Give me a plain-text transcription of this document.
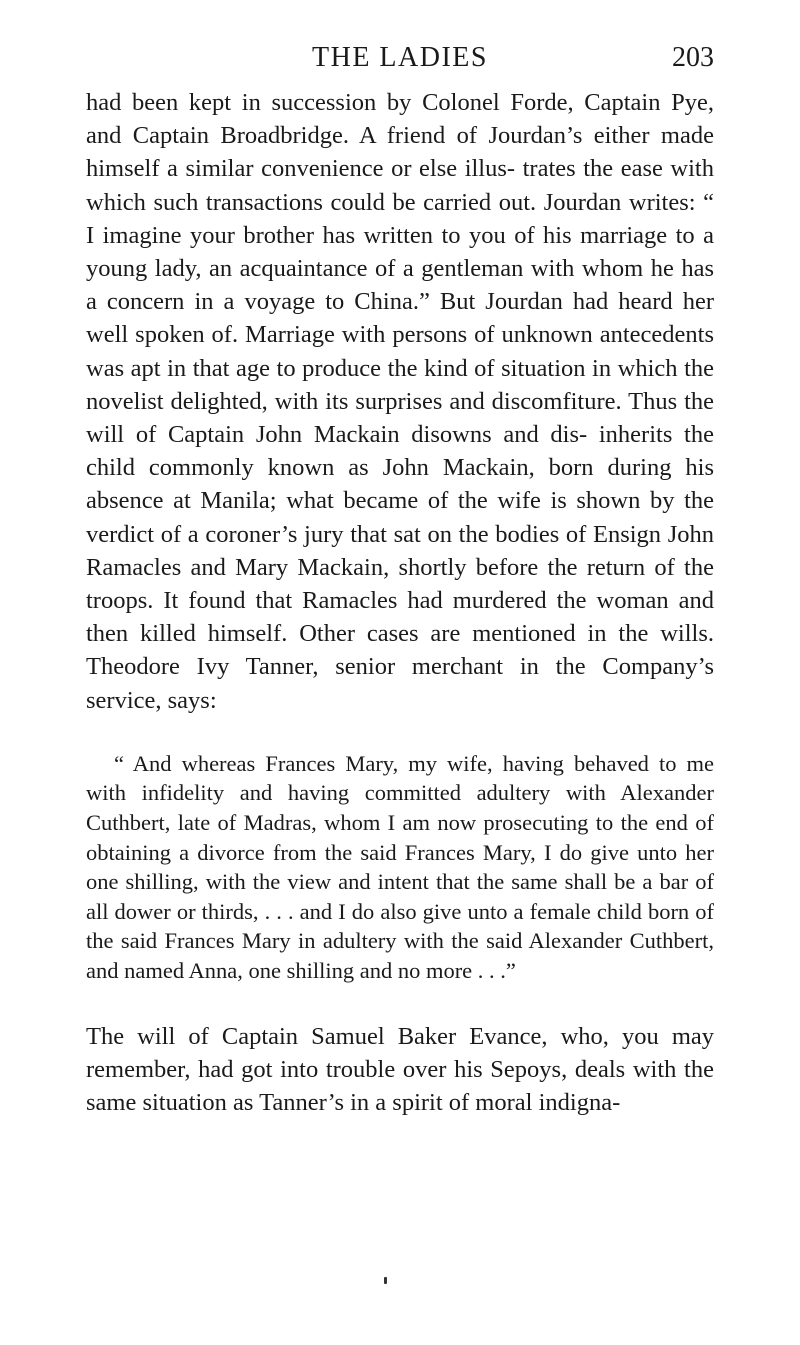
THE LADIES	203

had been kept in succession by Colonel Forde, Captain Pye, and Captain Broadbridge. A friend of Jourdan’s either made himself a similar convenience or else illus- trates the ease with which such transactions could be carried out. Jourdan writes: “ I imagine your brother has written to you of his marriage to a young lady, an acquaintance of a gentleman with whom he has a concern in a voyage to China.” But Jourdan had heard her well spoken of. Marriage with persons of unknown antecedents was apt in that age to produce the kind of situation in which the novelist delighted, with its surprises and discomfiture. Thus the will of Captain John Mackain disowns and dis- inherits the child commonly known as John Mackain, born during his absence at Manila; what became of the wife is shown by the verdict of a coroner’s jury that sat on the bodies of Ensign John Ramacles and Mary Mackain, shortly before the return of the troops. It found that Ramacles had murdered the woman and then killed himself. Other cases are mentioned in the wills. Theodore Ivy Tanner, senior merchant in the Company’s service, says:

“ And whereas Frances Mary, my wife, having behaved to me with infidelity and having committed adultery with Alexander Cuthbert, late of Madras, whom I am now prosecuting to the end of obtaining a divorce from the said Frances Mary, I do give unto her one shilling, with the view and intent that the same shall be a bar of all dower or thirds, . . . and I do also give unto a female child born of the said Frances Mary in adultery with the said Alexander Cuthbert, and named Anna, one shilling and no more . . .”

The will of Captain Samuel Baker Evance, who, you may remember, had got into trouble over his Sepoys, deals with the same situation as Tanner’s in a spirit of moral indigna-
